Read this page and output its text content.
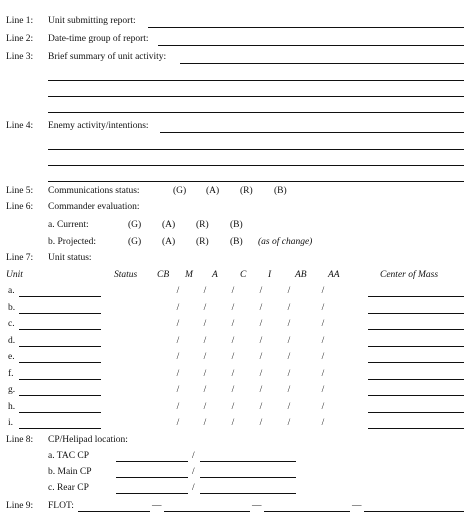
Line 1: Unit submitting report:
Line 2: Date-time group of report:
Line 3: Brief summary of unit activity:
Line 4: Enemy activity/intentions:
Line 5: Communications status:	(G) (A) (R) (B)
Line 6: Commander evaluation:
a. Current:	(G) (A) (R) (B)
b. Projected:	(G) (A) (R) (B) (as of change)
Line 7: Unit status:
Unit	Status CB M A C I	AB AA	Center of Mass
a.	/	/	/	/	/	/
b.	/	/	/	/	/	/
c.	/	/	/	/	/	/
d.	/	/	/	/	/	/
e.	/	/	/	/	/	/
f.	/	/	/	/	/	/
g.	/	/	/	/	/	/
h.	/	/	/	/	/	/
i.	/	/	/	/	/	/
Line 8: CP/Helipad location:
a. TAC CP	/
b. Main CP	/
c. Rear CP	/
Line 9: FLOT:	—	—	—
